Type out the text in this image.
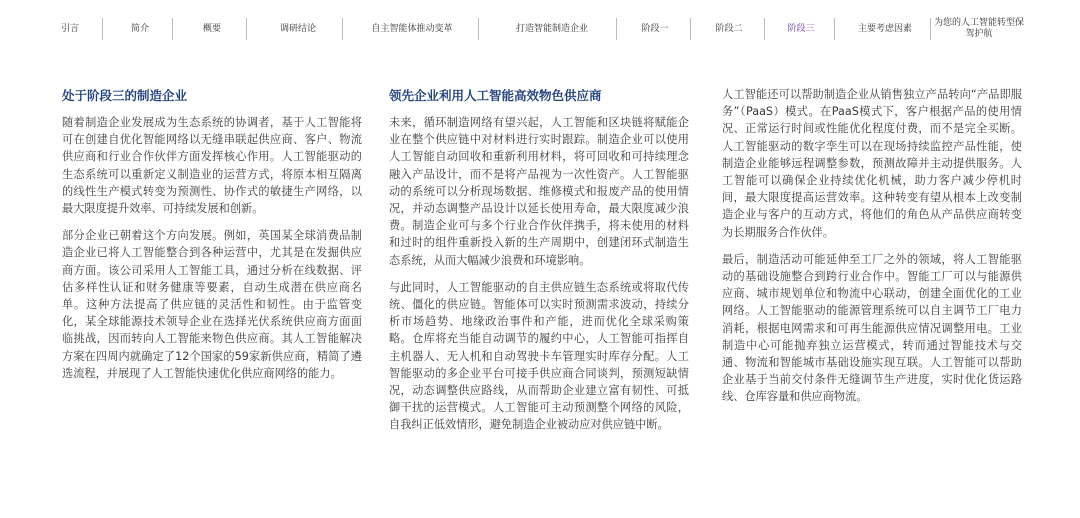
引言	简介	概要	调研结论	自主智能体推动变革	打造智能制造企业	阶段一	阶段二	阶段三	主要考虑因素
为您的人工智能转型保驾护航
处于阶段三的制造企业

随着制造企业发展成为生态系统的协调者，基于人工智能将可在创建自优化智能网络以无缝串联起供应商、客户、物流供应商和行业合作伙伴方面发挥核心作用。人工智能驱动的生态系统可以重新定义制造业的运营方式，将原本相互隔离的线性生产模式转变为预测性、协作式的敏捷生产网络，以最大限度提升效率、可持续发展和创新。

部分企业已朝着这个方向发展。例如，英国某全球消费品制造企业已将人工智能整合到各种运营中，尤其是在发掘供应商方面。该公司采用人工智能工具，通过分析在线数据、评估多样性认证和财务健康等要素，自动生成潜在供应商名单。这种方法提高了供应链的灵活性和韧性。由于监管变化，某全球能源技术领导企业在选择光伏系统供应商方面面临挑战，因而转向人工智能来物色供应商。其人工智能解决方案在四周内就确定了12个国家的59家新供应商，精简了遴选流程，并展现了人工智能快速优化供应商网络的能力。

领先企业利用人工智能高效物色供应商

未来，循环制造网络有望兴起，人工智能和区块链将赋能企业在整个供应链中对材料进行实时跟踪。制造企业可以使用人工智能自动回收和重新利用材料，将可回收和可持续理念融入产品设计，而不是将产品视为一次性资产。人工智能驱动的系统可以分析现场数据、维修模式和报废产品的使用情况，并动态调整产品设计以延长使用寿命，最大限度减少浪费。制造企业可与多个行业合作伙伴携手，将未使用的材料和过时的组件重新投入新的生产周期中，创建闭环式制造生态系统，从而大幅减少浪费和环境影响。

与此同时，人工智能驱动的自主供应链生态系统或将取代传统、僵化的供应链。智能体可以实时预测需求波动，持续分析市场趋势、地缘政治事件和产能，进而优化全球采购策略。仓库将充当能自动调节的履约中心，人工智能可指挥自主机器人、无人机和自动驾驶卡车管理实时库存分配。人工智能驱动的多企业平台可接手供应商合同谈判，预测短缺情况，动态调整供应路线，从而帮助企业建立富有韧性、可抵御干扰的运营模式。人工智能可主动预测整个网络的风险，自我纠正低效情形，避免制造企业被动应对供应链中断。

人工智能还可以帮助制造企业从销售独立产品转向“产品即服务”（PaaS）模式。在PaaS模式下，客户根据产品的使用情况、正常运行时间或性能优化程度付费，而不是完全买断。人工智能驱动的数字孪生可以在现场持续监控产品性能，使制造企业能够远程调整参数，预测故障并主动提供服务。人工智能可以确保企业持续优化机械，助力客户减少停机时间，最大限度提高运营效率。这种转变有望从根本上改变制造企业与客户的互动方式，将他们的角色从产品供应商转变为长期服务合作伙伴。

最后，制造活动可能延伸至工厂之外的领域，将人工智能驱动的基础设施整合到跨行业合作中。智能工厂可以与能源供应商、城市规划单位和物流中心联动，创建全面优化的工业网络。人工智能驱动的能源管理系统可以自主调节工厂电力消耗，根据电网需求和可再生能源供应情况调整用电。工业制造中心可能抛弃独立运营模式，转而通过智能技术与交通、物流和智能城市基础设施实现互联。人工智能可以帮助企业基于当前交付条件无缝调节生产进度，实时优化货运路线、仓库容量和供应商物流。
